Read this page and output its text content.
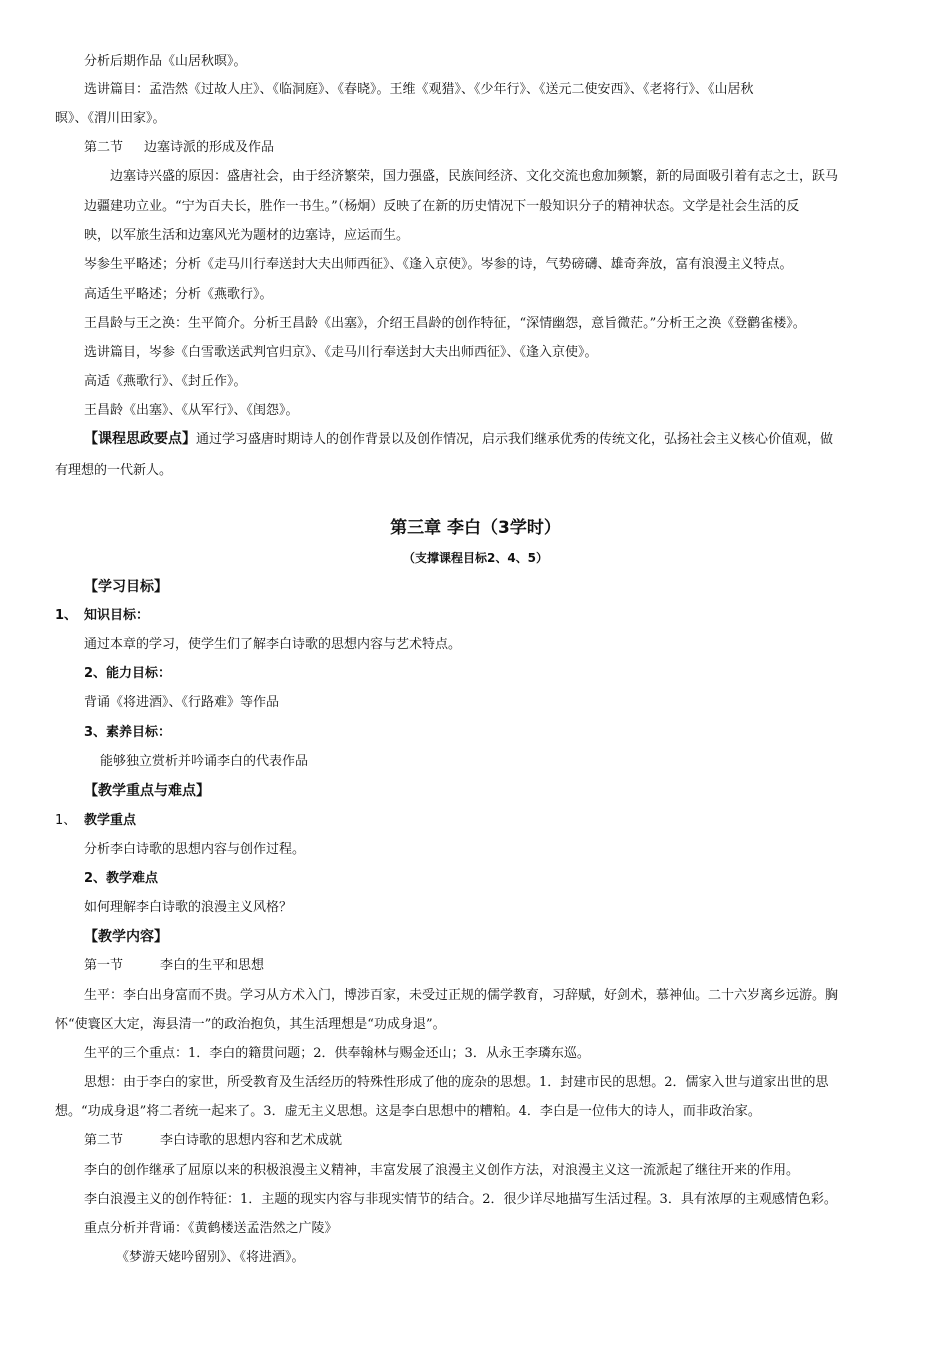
分析后期作品《山居秋暝》。
选讲篇目：孟浩然《过故人庄》、《临洞庭》、《春晓》。王维《观猎》、《少年行》、《送元二使安西》、《老将行》、《山居秋
暝》、《渭川田家》。
第二节 边塞诗派的形成及作品
边塞诗兴盛的原因：盛唐社会，由于经济繁荣，国力强盛，民族间经济、文化交流也愈加频繁，新的局面吸引着有志之士，跃马
边疆建功立业。“宁为百夫长，胜作一书生。”（杨炯）反映了在新的历史情况下一般知识分子的精神状态。文学是社会生活的反
映，以军旅生活和边塞风光为题材的边塞诗，应运而生。
岑参生平略述；分析《走马川行奉送封大夫出师西征》、《逢入京使》。岑参的诗，气势磅礴、雄奇奔放，富有浪漫主义特点。
高适生平略述；分析《燕歌行》。
王昌龄与王之涣：生平简介。分析王昌龄《出塞》，介绍王昌龄的创作特征，“深情幽怨，意旨微茫。”分析王之涣《登鹳雀楼》。
选讲篇目，岑参《白雪歌送武判官归京》、《走马川行奉送封大夫出师西征》、《逢入京使》。
高适《燕歌行》、《封丘作》。
王昌龄《出塞》、《从军行》、《闺怨》。
【课程思政要点】通过学习盛唐时期诗人的创作背景以及创作情况，启示我们继承优秀的传统文化，弘扬社会主义核心价值观，做
有理想的一代新人。
第三章 李白（3学时）
（支撑课程目标2、4、5）
【学习目标】
1、 知识目标：
通过本章的学习，使学生们了解李白诗歌的思想内容与艺术特点。
2、能力目标：
背诵《将进酒》、《行路难》等作品
3、素养目标：
能够独立赏析并吟诵李白的代表作品
【教学重点与难点】
1、 教学重点
分析李白诗歌的思想内容与创作过程。
2、教学难点
如何理解李白诗歌的浪漫主义风格？
【教学内容】
第一节	李白的生平和思想
生平：李白出身富而不贵。学习从方术入门，博涉百家，未受过正规的儒学教育，习辞赋，好剑术，慕神仙。二十六岁离乡远游。胸
怀“使寰区大定，海县清一”的政治抱负，其生活理想是“功成身退”。
生平的三个重点：1．李白的籍贯问题；2．供奉翰林与赐金还山；3．从永王李璘东巡。
思想：由于李白的家世，所受教育及生活经历的特殊性形成了他的庞杂的思想。1．封建市民的思想。2．儒家入世与道家出世的思
想。“功成身退”将二者统一起来了。3．虚无主义思想。这是李白思想中的糟粕。4．李白是一位伟大的诗人，而非政治家。
第二节	李白诗歌的思想内容和艺术成就
李白的创作继承了屈原以来的积极浪漫主义精神，丰富发展了浪漫主义创作方法，对浪漫主义这一流派起了继往开来的作用。
李白浪漫主义的创作特征：1．主题的现实内容与非现实情节的结合。2．很少详尽地描写生活过程。3．具有浓厚的主观感情色彩。
重点分析并背诵：《黄鹤楼送孟浩然之广陵》
《梦游天姥吟留别》、《将进酒》。
